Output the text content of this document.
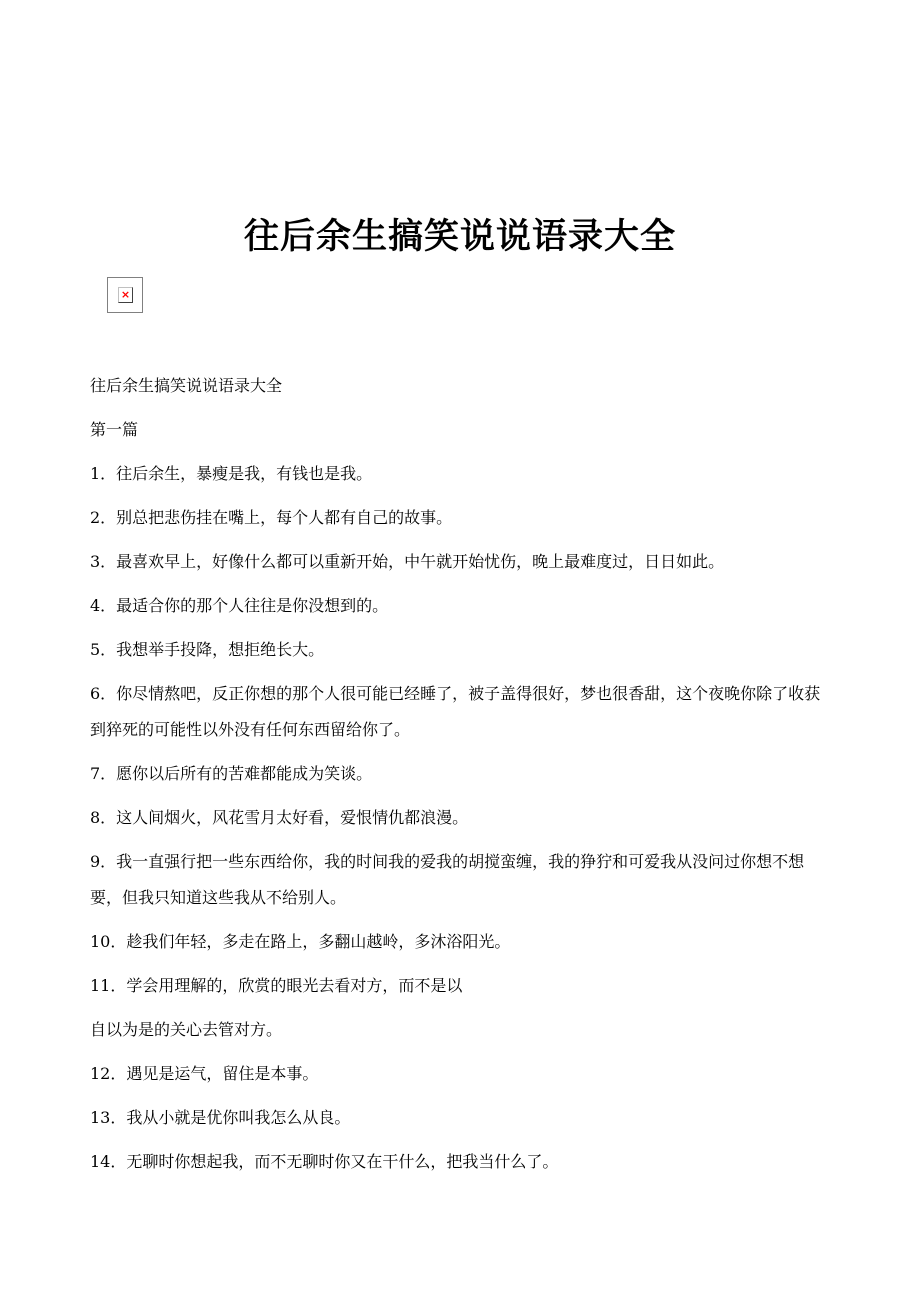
往后余生搞笑说说语录大全
×

往后余生搞笑说说语录大全

第一篇

1．往后余生，暴瘦是我，有钱也是我。

2．别总把悲伤挂在嘴上，每个人都有自己的故事。

3．最喜欢早上，好像什么都可以重新开始，中午就开始忧伤，晚上最难度过，日日如此。

4．最适合你的那个人往往是你没想到的。

5．我想举手投降，想拒绝长大。

6．你尽情熬吧，反正你想的那个人很可能已经睡了，被子盖得很好，梦也很香甜，这个夜晚你除了收获到猝死的可能性以外没有任何东西留给你了。

7．愿你以后所有的苦难都能成为笑谈。

8．这人间烟火，风花雪月太好看，爱恨情仇都浪漫。

9．我一直强行把一些东西给你，我的时间我的爱我的胡搅蛮缠，我的狰狞和可爱我从没问过你想不想要，但我只知道这些我从不给别人。

10．趁我们年轻，多走在路上，多翻山越岭，多沐浴阳光。

11．学会用理解的，欣赏的眼光去看对方，而不是以

自以为是的关心去管对方。

12．遇见是运气，留住是本事。

13．我从小就是优你叫我怎么从良。

14．无聊时你想起我，而不无聊时你又在干什么，把我当什么了。
